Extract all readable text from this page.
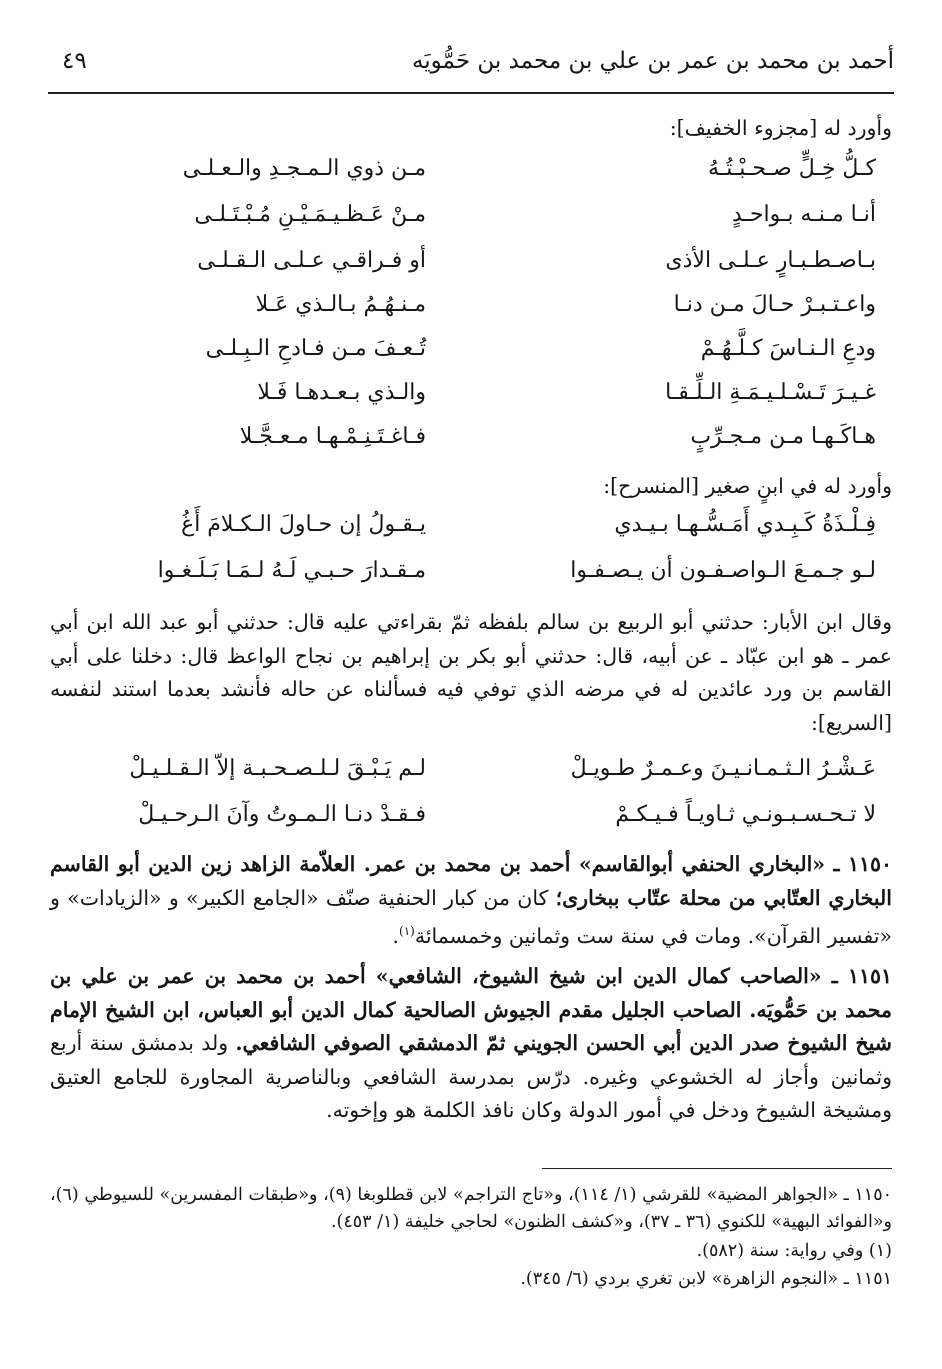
أحمد بن محمد بن عمر بن علي بن محمد بن حَمُّويَه
٤٩
وأورد له [مجزوء الخفيف]:
كـلُّ خِـلٍّ صـحـبْـتُـهُ
مـن ذوي الـمـجـدِ والـعـلـى
أنـا مـنـه بـواحـدٍ
مـنْ عَـظـيـمَـيْـنِ مُـبْـتَـلـى
بـاصـطـبـارٍ عـلـى الأذى
أو فـراقـي عـلـى الـقـلـى
واعـتـبـرْ حـالَ مـن دنـا
مـنـهُـمُ بـالـذي عَـلا
ودعِ الـنـاسَ كـلَّـهُـمْ
تُـعـفَ مـن فـادحِ الـبِـلـى
غـيـرَ تَـسْـلـيـمَـةِ الـلِّـقـا
والـذي بـعـدهـا فَـلا
هـاكَـهـا مـن مـجـرِّبٍ
فـاغـتَـنِـمْـهـا مـعـجَّـلا
وأورد له في ابنٍ صغير [المنسرح]:
فِـلْـذَةُ كَـبِـدي أَمَـسُّـهـا بـيـدي
يـقـولُ إن حـاولَ الـكـلامَ أَغُ
لـو جـمـعَ الـواصـفـون أن يـصـفـوا
مـقـدارَ حـبـي لَـهُ لـمَـا بَـلَـغـوا
وقال ابن الأبار: حدثني أبو الربيع بن سالم بلفظه ثمّ بقراءتي عليه قال: حدثني أبو عبد الله ابن أبي عمر ـ هو ابن عبّاد ـ عن أبيه، قال: حدثني أبو بكر بن إبراهيم بن نجاح الواعظ قال: دخلنا على أبي القاسم بن ورد عائدين له في مرضه الذي توفي فيه فسألناه عن حاله فأنشد بعدما استند لنفسه [السريع]:
عَـشْـرُ الـثـمـانـيـنَ وعـمـرٌ طـويـلْ
لـم يَـبْـقَ لـلـصـحـبـة إلاّ الـقـلـيـلْ
لا تـحـسـبـونـي ثـاويـاً فـيـكـمْ
فـقـدْ دنـا الـمـوتُ وآنَ الـرحـيـلْ
١١٥٠ ـ «البخاري الحنفي أبوالقاسم» أحمد بن محمد بن عمر. العلاّمة الزاهد زين الدين أبو القاسم البخاري العتّابي من محلة عتّاب ببخارى؛ كان من كبار الحنفية صنّف «الجامع الكبير» و «الزيادات» و «تفسير القرآن». ومات في سنة ست وثمانين وخمسمائة$^{(١)}$.
١١٥١ ـ «الصاحب كمال الدين ابن شيخ الشيوخ، الشافعي» أحمد بن محمد بن عمر بن علي بن محمد بن حَمُّويَه. الصاحب الجليل مقدم الجيوش الصالحية كمال الدين أبو العباس، ابن الشيخ الإمام شيخ الشيوخ صدر الدين أبي الحسن الجويني ثمّ الدمشقي الصوفي الشافعي. ولد بدمشق سنة أربع وثمانين وأجاز له الخشوعي وغيره. درّس بمدرسة الشافعي وبالناصرية المجاورة للجامع العتيق ومشيخة الشيوخ ودخل في أمور الدولة وكان نافذ الكلمة هو وإخوته.
١١٥٠ ـ «الجواهر المضية» للقرشي (١/ ١١٤)، و«تاج التراجم» لابن قطلوبغا (٩)، و«طبقات المفسرين» للسيوطي (٦)، و«الفوائد البهية» للكنوي (٣٦ ـ ٣٧)، و«كشف الظنون» لحاجي خليفة (١/ ٤٥٣).
(١) وفي رواية: سنة (٥٨٢).
١١٥١ ـ «النجوم الزاهرة» لابن تغري بردي (٦/ ٣٤٥).
